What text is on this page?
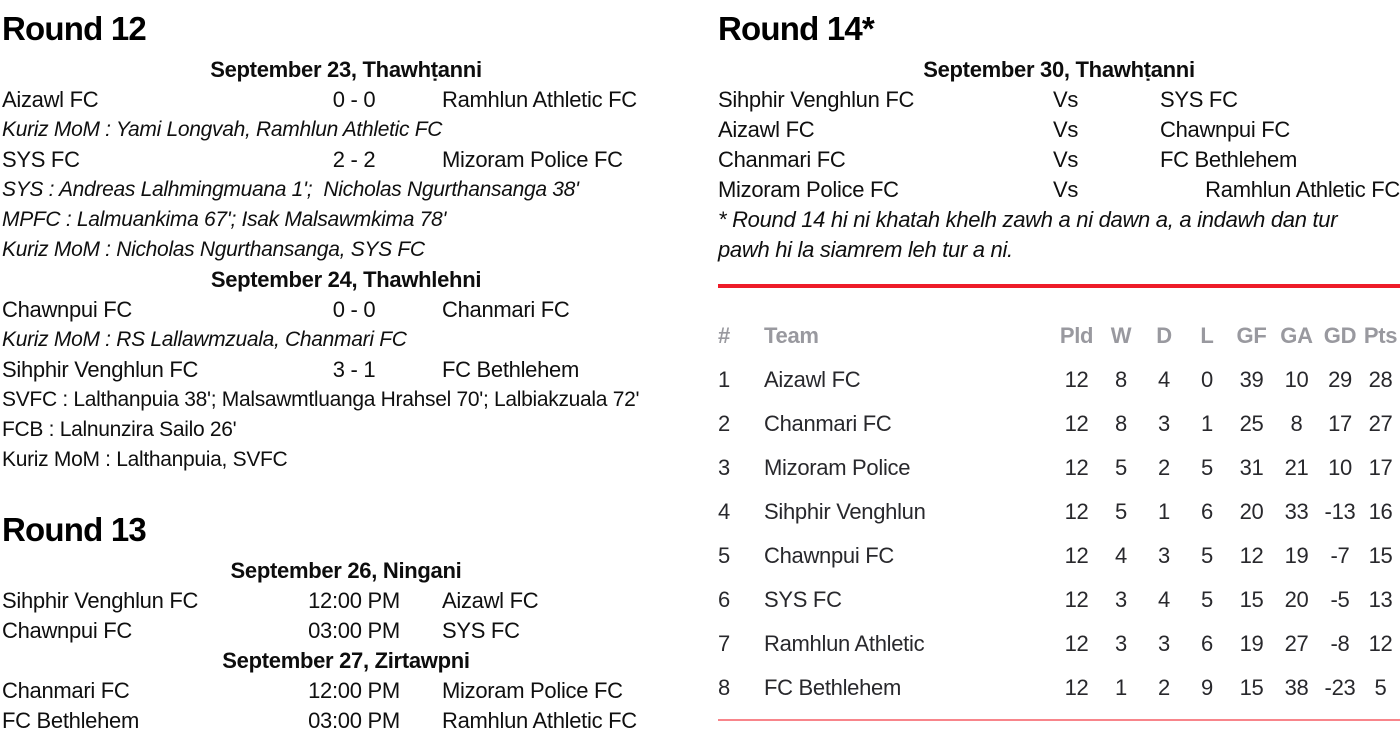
Round 12
September 23, Thawhṭanni
Aizawl FC	0 - 0	Ramhlun Athletic FC
Kuriz MoM : Yami Longvah, Ramhlun Athletic FC
SYS FC	2 - 2	Mizoram Police FC
SYS : Andreas Lalhmingmuana 1';  Nicholas Ngurthansanga 38'
MPFC : Lalmuankima 67'; Isak Malsawmkima 78'
Kuriz MoM : Nicholas Ngurthansanga, SYS FC
September 24, Thawhlehni
Chawnpui FC	0 - 0	Chanmari FC
Kuriz MoM : RS Lallawmzuala, Chanmari FC
Sihphir Venghlun FC	3 - 1	FC Bethlehem
SVFC : Lalthanpuia 38'; Malsawmtluanga Hrahsel 70'; Lalbiakzuala 72'
FCB : Lalnunzira Sailo 26'
Kuriz MoM : Lalthanpuia, SVFC
Round 13
September 26, Ningani
Sihphir Venghlun FC	12:00 PM	Aizawl FC
Chawnpui FC	03:00 PM	SYS FC
September 27, Zirtawpni
Chanmari FC	12:00 PM	Mizoram Police FC
FC Bethlehem	03:00 PM	Ramhlun Athletic FC
Round 14*
September 30, Thawhṭanni
Sihphir Venghlun FC	Vs	SYS FC
Aizawl FC	Vs	Chawnpui FC
Chanmari FC	Vs	FC Bethlehem
Mizoram Police FC	Vs	Ramhlun Athletic FC
* Round 14 hi ni khatah khelh zawh a ni dawn a, a indawh dan tur pawh hi la siamrem leh tur a ni.
#	Team	Pld W	D	L	GF GA GD Pts
1	Aizawl FC	12	8	4	0	39 10 29 28
2	Chanmari FC	12	8	3	1	25	8	17 27
3	Mizoram Police	12	5	2	5	31 21 10 17
4	Sihphir Venghlun	12	5	1	6	20 33 -13 16
5	Chawnpui FC	12	4	3	5	12 19	-7 15
6	SYS FC	12	3	4	5	15 20	-5 13
7	Ramhlun Athletic	12	3	3	6	19 27	-8 12
8	FC Bethlehem	12	1	2	9	15 38 -23 5
